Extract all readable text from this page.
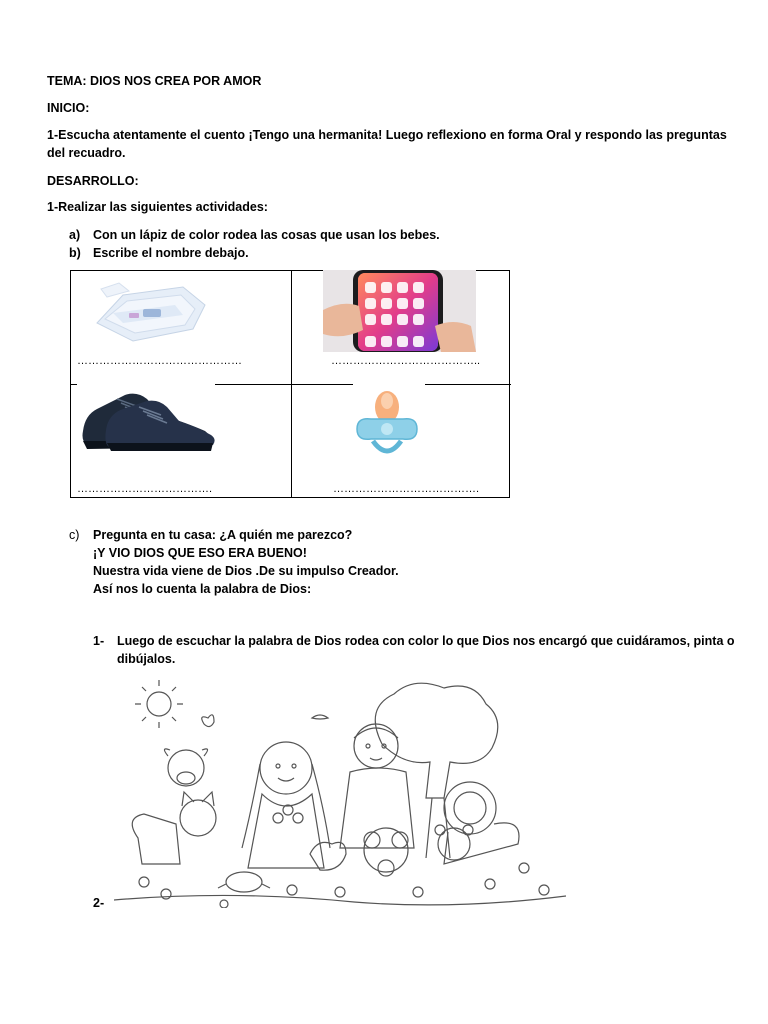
TEMA: DIOS NOS CREA POR AMOR
INICIO:
1-Escucha atentamente el cuento ¡Tengo una hermanita! Luego reflexiono en forma Oral y respondo las preguntas
del recuadro.
DESARROLLO:
1-Realizar las siguientes actividades:
a) Con un lápiz de color rodea las cosas que usan los bebes.
b) Escribe el nombre debajo.
………………………………………	…………………………………..
……………………………….	………………………………….
c) Pregunta en tu casa: ¿A quién me parezco?
¡Y VIO DIOS QUE ESO ERA BUENO!
Nuestra vida viene de Dios .De su impulso Creador.
Así nos lo cuenta la palabra de Dios:
1- Luego de escuchar la palabra de Dios rodea con color lo que Dios nos encargó que cuidáramos, pinta o
dibújalos.
2-
